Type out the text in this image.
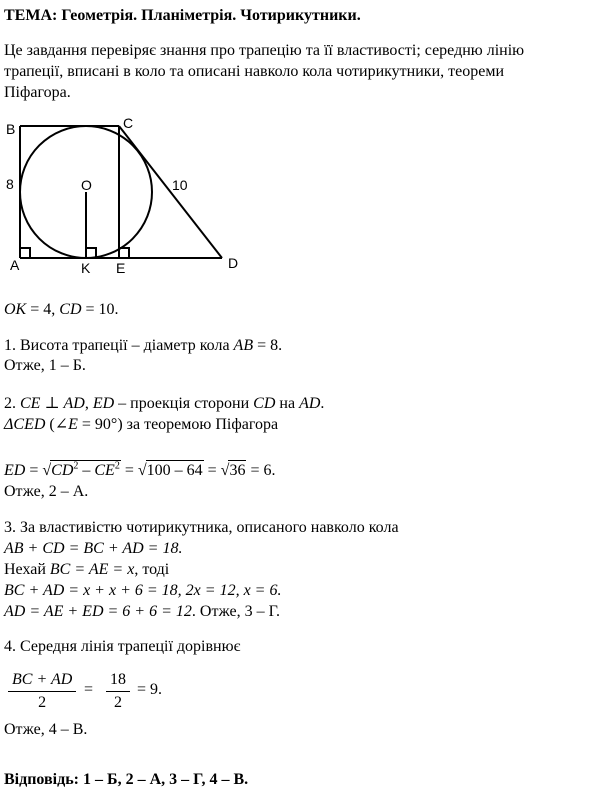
ТЕМА: Геометрія. Планіметрія. Чотирикутники.
Це завдання перевіряє знання про трапецію та її властивості; середню лінію
трапеції, вписані в коло та описані навколо кола чотирикутники, теореми
Піфагора.
B	C
A	K E	D
O
8	10
OK = 4, CD = 10.
1. Висота трапеції – діаметр кола AB = 8.
Отже, 1 – Б.
2. CE ⊥ AD, ED – проекція сторони CD на AD.
ΔCED (∠E = 90°) за теоремою Піфагора
ED = $√CD^2 - CE^2 = √100 - 64 = √36 = 6$.
Отже, 2 – А.
3. За властивістю чотирикутника, описаного навколо кола
AB + CD = BC + AD = 18.
Нехай BC = AE = x, тоді
BC + AD = x + x + 6 = 18, 2x = 12, x = 6.
AD = AE + ED = 6 + 6 = 12. Отже, 3 – Г.
4. Середня лінія трапеції дорівнює
$\frac{BC + AD}{2} = \frac{18}{2} = 9$.
Отже, 4 – В.
Відповідь: 1 – Б, 2 – А, 3 – Г, 4 – В.
